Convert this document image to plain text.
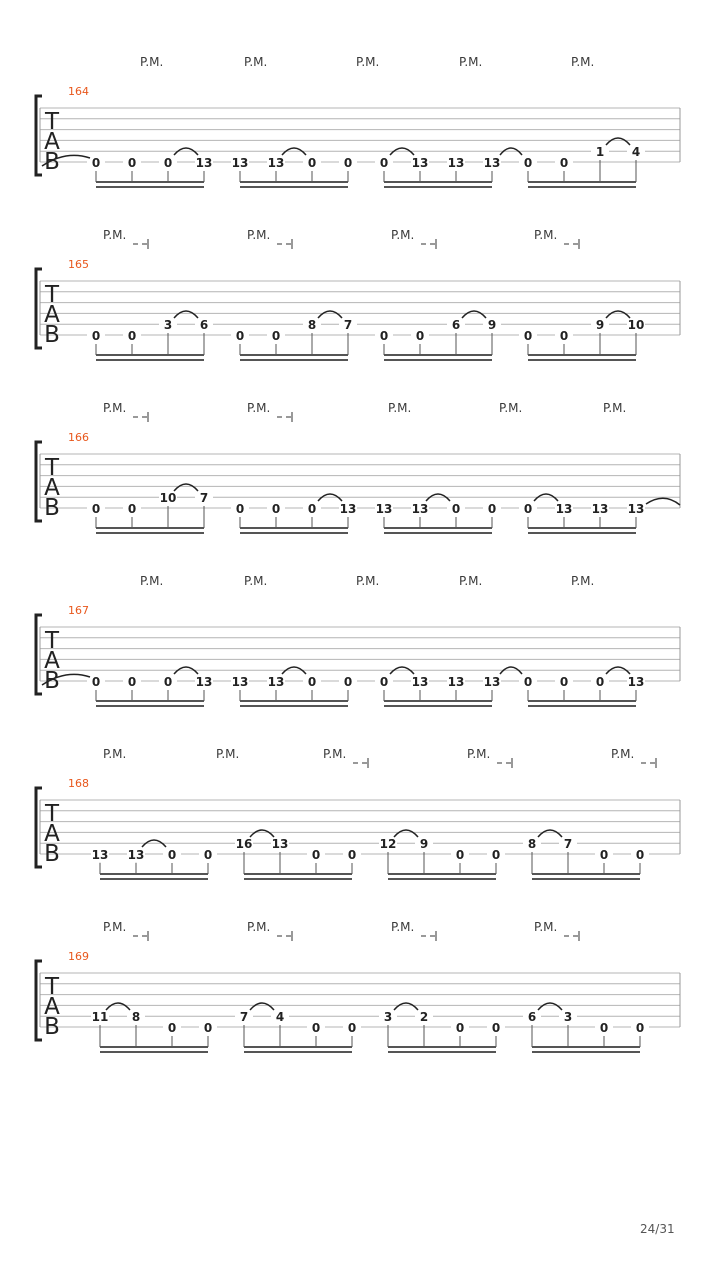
P.M.	P.M.	P.M.	P.M.	P.M.
164
T
A
B	0 0 0 13 13 13 0 0 0 13 13 13 0 0
1 4
P.M.	P.M.	P.M.	P.M.
165
T
A
B	0 0
3 6
0 0
8 7
0 0
6 9
0 0
9 10
P.M.	P.M.	P.M.	P.M.	P.M.
166
T
A
B	0 0
10 7
0 0 0 13 13 13 0 0 0 13 13 13
P.M.	P.M.	P.M.	P.M.	P.M.
167
T
A
B	0 0 0 13 13 13 0 0 0 13 13 13 0 0 0 13
P.M.	P.M.	P.M.	P.M.	P.M.
168
T
A
B	13 13 0 0
16 13
0 0
12 9
0 0
8 7
0 0
P.M.	P.M.	P.M.	P.M.
169
T
A
B	11 8
0 0
7 4
0 0
3 2
0 0
6 3
0 0
24/31
